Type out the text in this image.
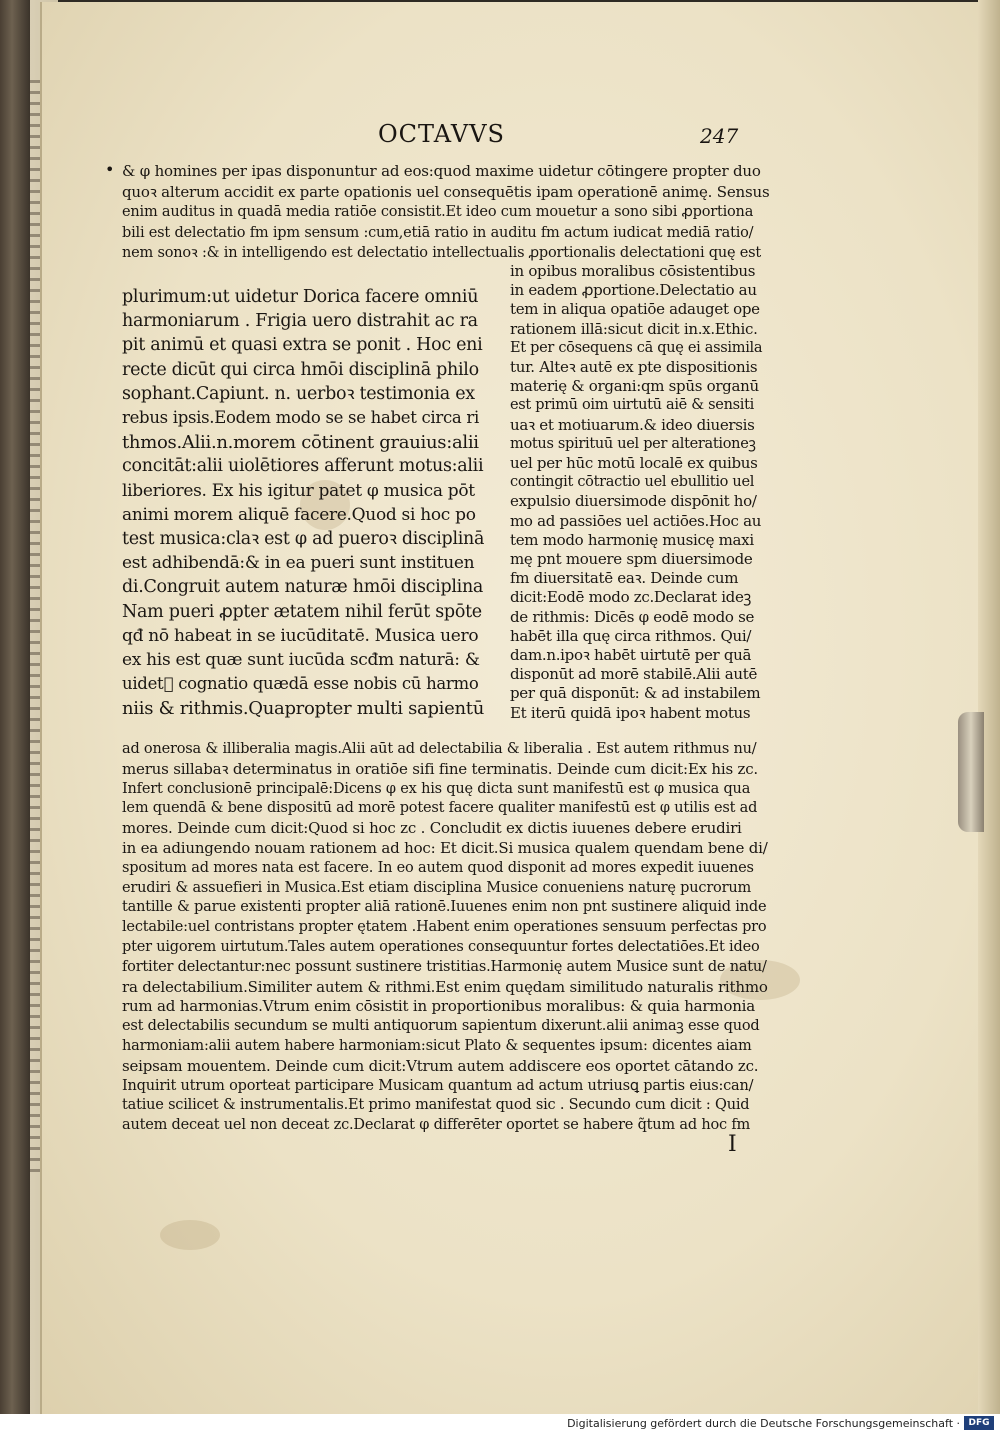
OCTAVVS	247
• & φ homines per ipas disponuntur ad eos:quod maxime uidetur cōtingere propter duo
quoꝛ alterum accidit ex parte opationis uel consequētis ipam operationē animę. Sensus
enim auditus in quadā media ratiōe consistit.Et ideo cum mouetur a sono sibi ꝓportiona
bili est delectatio fm ipm sensum :cum,etiā ratio in auditu fm actum iudicat mediā ratio/
nem sonoꝛ :& in intelligendo est delectatio intellectualis ꝓportionalis delectationi quę est
plurimum:ut uidetur Dorica facere omniū
harmoniarum . Frigia uero distrahit ac ra
pit animū et quasi extra se ponit . Hoc eni
recte dicūt qui circa hmōi disciplinā philo
sophant.Capiunt. n. uerboꝛ testimonia ex
rebus ipsis.Eodem modo se se habet circa ri
thmos.Alii.n.morem cōtinent grauius:alii
concitāt:alii uiolētiores afferunt motus:alii
liberiores. Ex his igitur patet φ musica pōt
animi morem aliquē facere.Quod si hoc po
test musica:claꝛ est φ ad pueroꝛ disciplinā
est adhibendā:& in ea pueri sunt instituen
di.Congruit autem naturæ hmōi disciplina
Nam pueri ꝓpter ætatem nihil ferūt spōte
qđ nō habeat in se iucūditatē. Musica uero
ex his est quæ sunt iucūda scđm naturā: &
uidetᷣ cognatio quædā esse nobis cū harmo
niis & rithmis.Quapropter multi sapientū
in opibus moralibus cōsistentibus
in eadem ꝓportione.Delectatio au
tem in aliqua opatiōe adauget ope
rationem illā:sicut dicit in.x.Ethic.
Et per cōsequens cā quę ei assimila
tur. Alteꝛ autē ex pte dispositionis
materię & organi:qm spūs organū
est primū oim uirtutū aiē & sensiti
uaꝛ et motiuarum.& ideo diuersis
motus spirituū uel per alterationeꝫ
uel per hūc motū localē ex quibus
contingit cōtractio uel ebullitio uel
expulsio diuersimode dispōnit ho/
mo ad passiōes uel actiōes.Hoc au
tem modo harmonię musicę maxi
mę pnt mouere spm diuersimode
fm diuersitatē eaꝛ. Deinde cum
dicit:Eodē modo zc.Declarat ideꝫ
de rithmis: Dicēs φ eodē modo se
habēt illa quę circa rithmos. Qui/
dam.n.ipoꝛ habēt uirtutē per quā
disponūt ad morē stabilē.Alii autē
per quā disponūt: & ad instabilem
Et iterū quidā ipoꝛ habent motus
ad onerosa & illiberalia magis.Alii aūt ad delectabilia & liberalia . Est autem rithmus nu/
merus sillabaꝛ determinatus in oratiōe sifi fine terminatis. Deinde cum dicit:Ex his zc.
Infert conclusionē principalē:Dicens φ ex his quę dicta sunt manifestū est φ musica qua
lem quendā & bene dispositū ad morē potest facere qualiter manifestū est φ utilis est ad
mores. Deinde cum dicit:Quod si hoc zc . Concludit ex dictis iuuenes debere erudiri
in ea adiungendo nouam rationem ad hoc: Et dicit.Si musica qualem quendam bene di/
spositum ad mores nata est facere. In eo autem quod disponit ad mores expedit iuuenes
erudiri & assuefieri in Musica.Est etiam disciplina Musice conueniens naturę pucrorum
tantille & parue existenti propter aliā rationē.Iuuenes enim non pnt sustinere aliquid inde
lectabile:uel contristans propter ętatem .Habent enim operationes sensuum perfectas pro
pter uigorem uirtutum.Tales autem operationes consequuntur fortes delectatiōes.Et ideo
fortiter delectantur:nec possunt sustinere tristitias.Harmonię autem Musice sunt de natu/
ra delectabilium.Similiter autem & rithmi.Est enim quędam similitudo naturalis rithmo
rum ad harmonias.Vtrum enim cōsistit in proportionibus moralibus: & quia harmonia
est delectabilis secundum se multi antiquorum sapientum dixerunt.alii animaꝫ esse quod
harmoniam:alii autem habere harmoniam:sicut Plato & sequentes ipsum: dicentes aiam
seipsam mouentem. Deinde cum dicit:Vtrum autem addiscere eos oportet cātando zc.
Inquirit utrum oporteat participare Musicam quantum ad actum utriusꝗ partis eius:can/
tatiue scilicet & instrumentalis.Et primo manifestat quod sic . Secundo cum dicit : Quid
autem deceat uel non deceat zc.Declarat φ differēter oportet se habere q̃tum ad hoc fm
I
Digitalisierung gefördert durch die Deutsche Forschungsgemeinschaft · DFG
